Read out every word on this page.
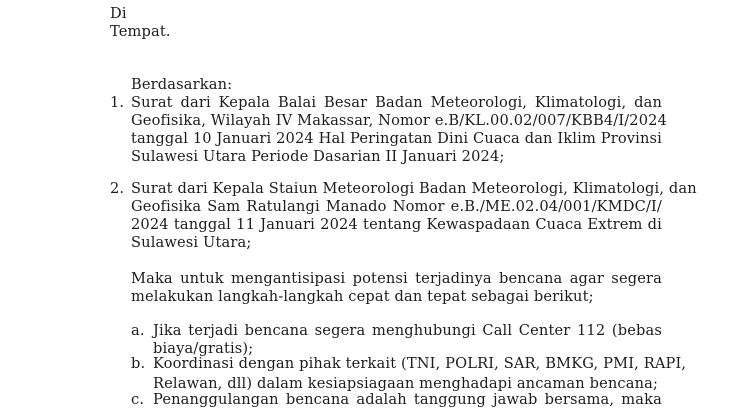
Di

Tempat.

Berdasarkan:

1. Surat dari Kepala Balai Besar Badan Meteorologi, Klimatologi, dan
Geofisika, Wilayah IV Makassar, Nomor e.B/KL.00.02/007/KBB4/I/2024
tanggal 10 Januari 2024 Hal Peringatan Dini Cuaca dan Iklim Provinsi
Sulawesi Utara Periode Dasarian II Januari 2024;
2. Surat dari Kepala Staiun Meteorologi Badan Meteorologi, Klimatologi, dan
Geofisika Sam Ratulangi Manado Nomor e.B./ME.02.04/001/KMDC/I/
2024 tanggal 11 Januari 2024 tentang Kewaspadaan Cuaca Extrem di
Sulawesi Utara;
Maka untuk mengantisipasi potensi terjadinya bencana agar segera
melakukan langkah-langkah cepat dan tepat sebagai berikut;
a. Jika terjadi bencana segera menghubungi Call Center 112 (bebas
biaya/gratis);
b. Koordinasi dengan pihak terkait (TNI, POLRI, SAR, BMKG, PMI, RAPI,
Relawan, dll) dalam kesiapsiagaan menghadapi ancaman bencana;
c. Penanggulangan bencana adalah tanggung jawab bersama, maka
